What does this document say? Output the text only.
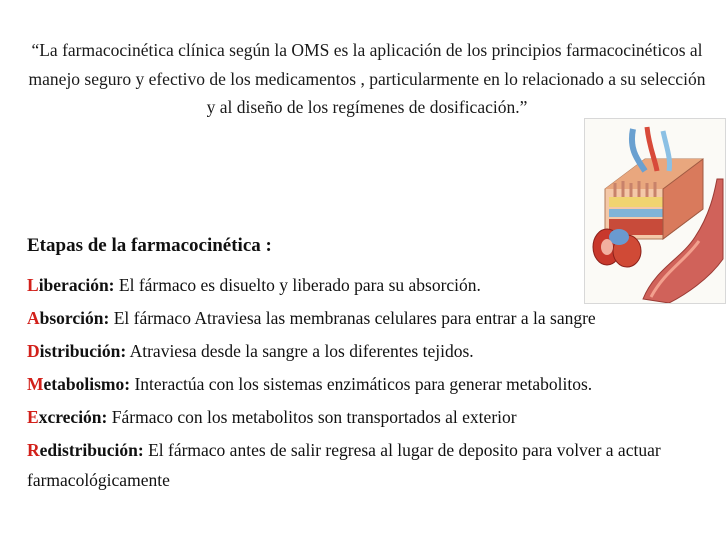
“La farmacocinética clínica según la OMS es la aplicación de los principios farmacocinéticos al manejo seguro y efectivo de los medicamentos , particularmente en lo relacionado a su selección y al diseño de los regímenes de dosificación.”
Etapas de la farmacocinética :
Liberación: El fármaco es disuelto y liberado para su absorción.
Absorción: El fármaco Atraviesa las membranas celulares para entrar a la sangre
Distribución: Atraviesa desde la sangre a los diferentes tejidos.
Metabolismo: Interactúa con los sistemas enzimáticos para generar metabolitos.
Excreción: Fármaco con los metabolitos son transportados al exterior
Redistribución: El fármaco antes de salir regresa al lugar de deposito para volver a actuar farmacológicamente
